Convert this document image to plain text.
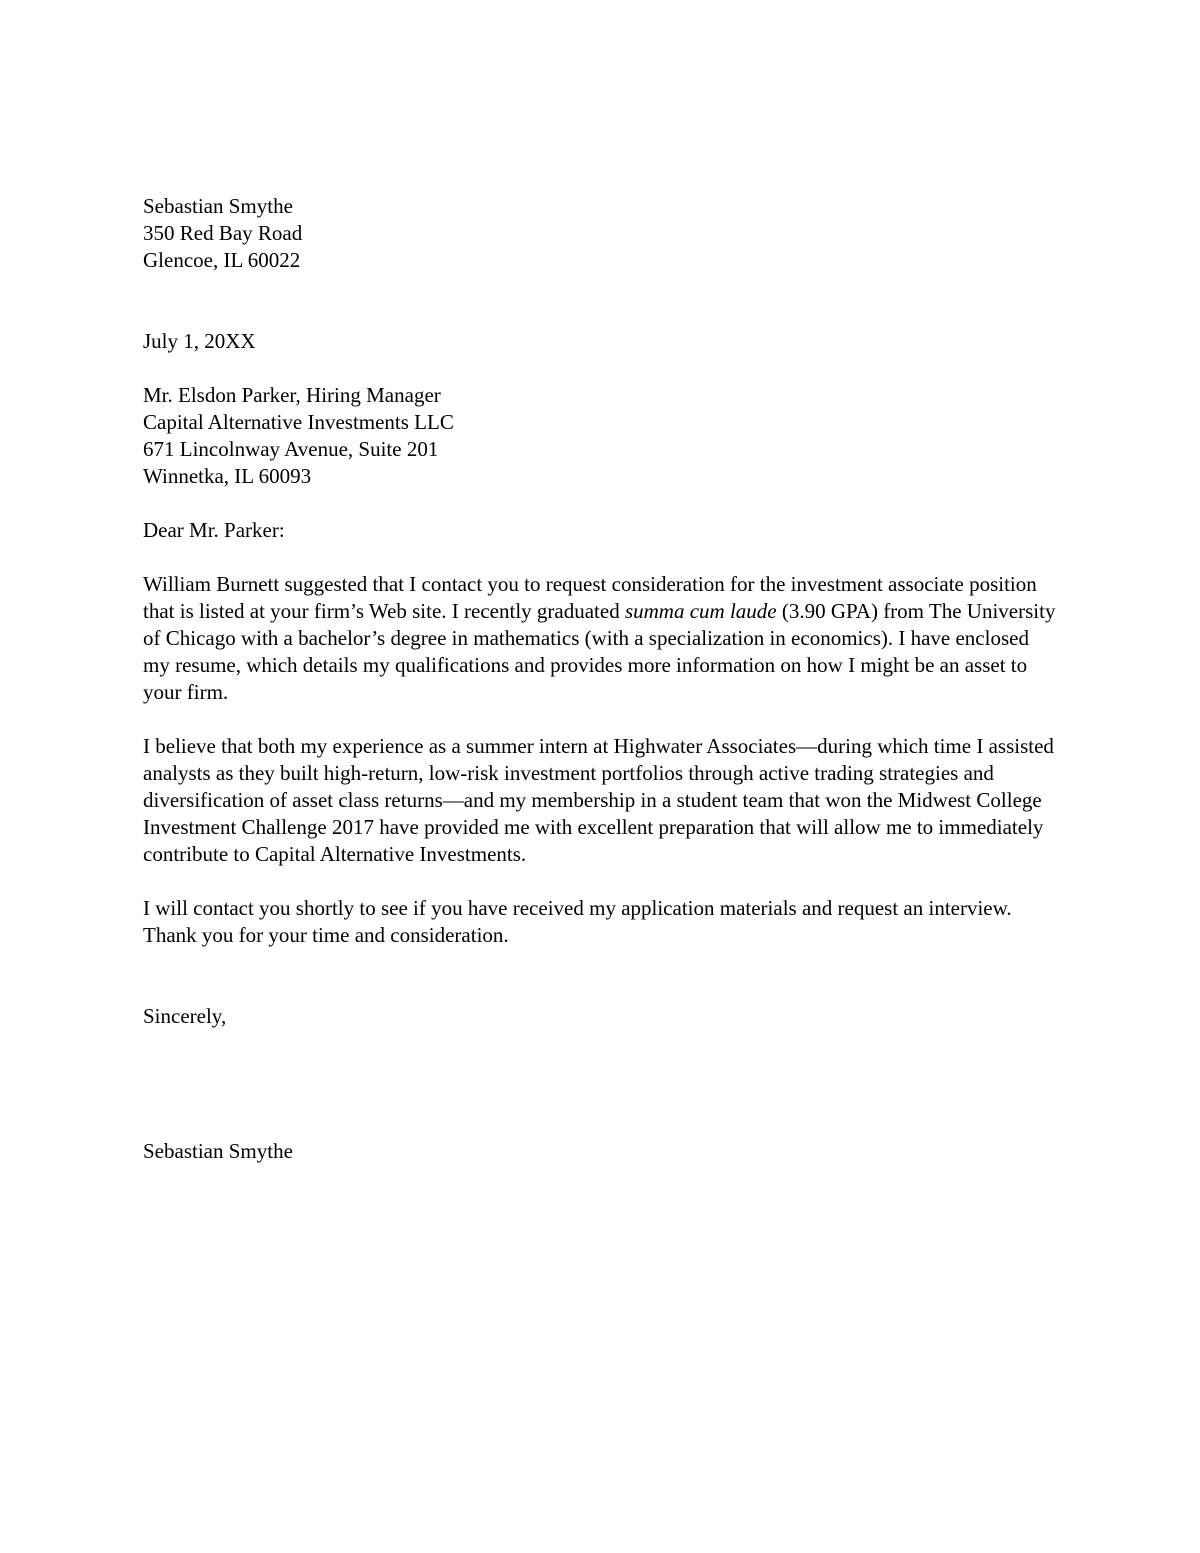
Sebastian Smythe
350 Red Bay Road
Glencoe, IL 60022
July 1, 20XX
Mr. Elsdon Parker, Hiring Manager
Capital Alternative Investments LLC
671 Lincolnway Avenue, Suite 201
Winnetka, IL 60093
Dear Mr. Parker:

William Burnett suggested that I contact you to request consideration for the investment associate position that is listed at your firm’s Web site. I recently graduated summa cum laude (3.90 GPA) from The University of Chicago with a bachelor’s degree in mathematics (with a specialization in economics). I have enclosed my resume, which details my qualifications and provides more information on how I might be an asset to your firm.

I believe that both my experience as a summer intern at Highwater Associates—during which time I assisted analysts as they built high-return, low-risk investment portfolios through active trading strategies and diversification of asset class returns—and my membership in a student team that won the Midwest College Investment Challenge 2017 have provided me with excellent preparation that will allow me to immediately contribute to Capital Alternative Investments.

I will contact you shortly to see if you have received my application materials and request an interview. Thank you for your time and consideration.

Sincerely,
Sebastian Smythe
